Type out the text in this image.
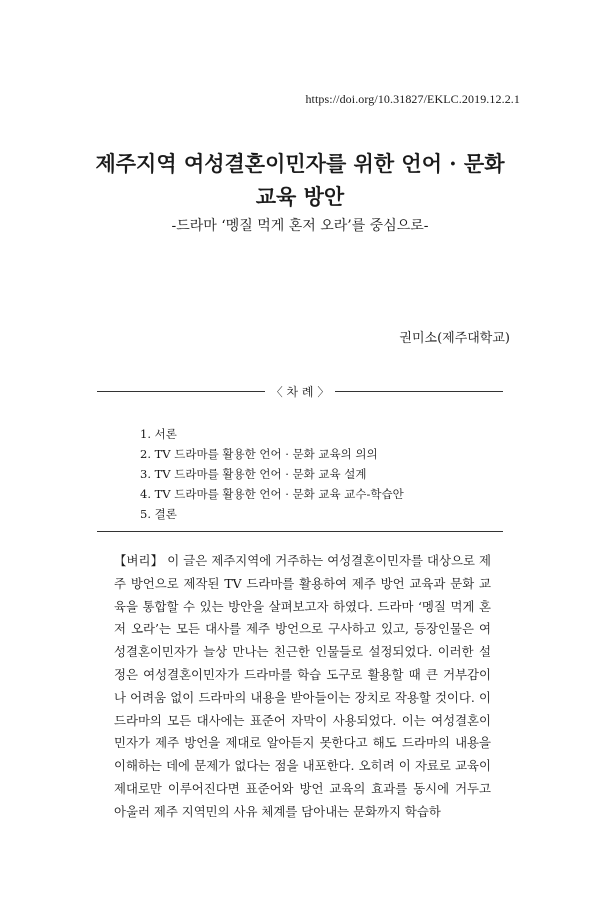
https://doi.org/10.31827/EKLC.2019.12.2.1
제주지역 여성결혼이민자를 위한 언어 · 문화
교육 방안
-드라마 ‘멩질 먹게 혼저 오라’를 중심으로-
권미소(제주대학교)
〈 차 례 〉
1. 서론
2. TV 드라마를 활용한 언어 · 문화 교육의 의의
3. TV 드라마를 활용한 언어 · 문화 교육 설계
4. TV 드라마를 활용한 언어 · 문화 교육 교수-학습안
5. 결론

【벼리】 이 글은 제주지역에 거주하는 여성결혼이민자를 대상으로 제주 방언으로 제작된 TV 드라마를 활용하여 제주 방언 교육과 문화 교육을 통합할 수 있는 방안을 살펴보고자 하였다. 드라마 ‘멩질 먹게 혼저 오라’는 모든 대사를 제주 방언으로 구사하고 있고, 등장인물은 여성결혼이민자가 늘상 만나는 친근한 인물들로 설정되었다. 이러한 설정은 여성결혼이민자가 드라마를 학습 도구로 활용할 때 큰 거부감이나 어려움 없이 드라마의 내용을 받아들이는 장치로 작용할 것이다. 이 드라마의 모든 대사에는 표준어 자막이 사용되었다. 이는 여성결혼이민자가 제주 방언을 제대로 알아듣지 못한다고 해도 드라마의 내용을 이해하는 데에 문제가 없다는 점을 내포한다. 오히려 이 자료로 교육이 제대로만 이루어진다면 표준어와 방언 교육의 효과를 동시에 거두고 아울러 제주 지역민의 사유 체계를 담아내는 문화까지 학습하
